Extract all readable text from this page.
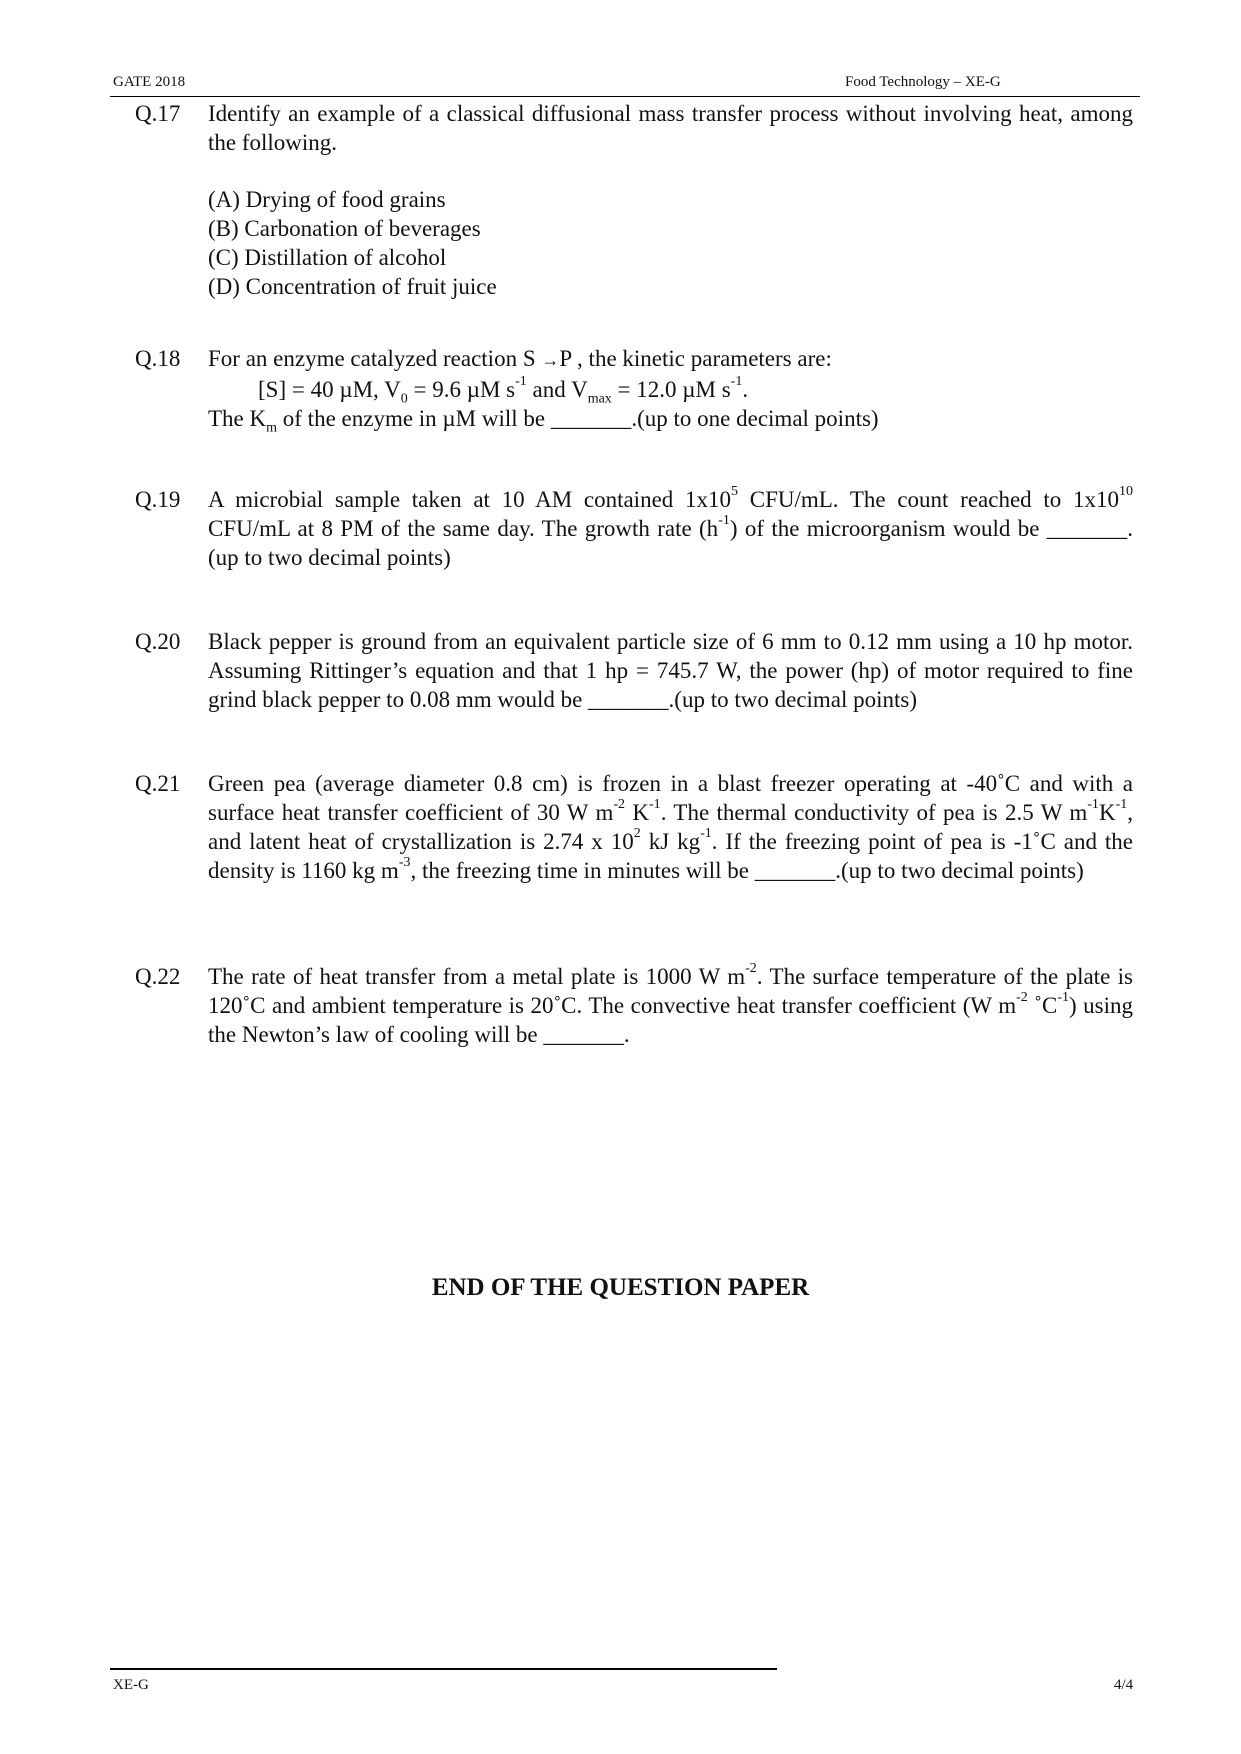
GATE 2018	Food Technology – XE-G
Q.17 Identify an example of a classical diffusional mass transfer process without involving heat, among the following.
(A) Drying of food grains
(B) Carbonation of beverages
(C) Distillation of alcohol
(D) Concentration of fruit juice
Q.18 For an enzyme catalyzed reaction S →P , the kinetic parameters are:
[S] = 40 µM, $V_0 = 9.6$ µM $s^{-1}$ and $V_{max} = 12.0$ µM $s^{-1}$.
The $K_m$ of the enzyme in µM will be _______.(up to one decimal points)
Q.19 A microbial sample taken at 10 AM contained $1x10^5$ CFU/mL. The count reached to $1x10^{10}$ CFU/mL at 8 PM of the same day. The growth rate $(h^{-1})$ of the microorganism would be _______.(up to two decimal points)
Q.20 Black pepper is ground from an equivalent particle size of 6 mm to 0.12 mm using a 10 hp motor. Assuming Rittinger’s equation and that 1 hp = 745.7 W, the power (hp) of motor required to fine grind black pepper to 0.08 mm would be _______.(up to two decimal points)
Q.21 Green pea (average diameter 0.8 cm) is frozen in a blast freezer operating at -40˚C and with a surface heat transfer coefficient of 30 W $m^{-2}$ $K^{-1}$. The thermal conductivity of pea is 2.5 W $m^{-1}K^{-1}$, and latent heat of crystallization is 2.74 x $10^2$ kJ $kg^{-1}$. If the freezing point of pea is -1˚C and the density is 1160 kg $m^{-3}$, the freezing time in minutes will be _______.(up to two decimal points)
Q.22 The rate of heat transfer from a metal plate is 1000 W $m^{-2}$. The surface temperature of the plate is 120˚C and ambient temperature is 20˚C. The convective heat transfer coefficient (W $m^{-2}$ $˚C^{-1}$) using the Newton’s law of cooling will be _______.
END OF THE QUESTION PAPER
XE-G	4/4
